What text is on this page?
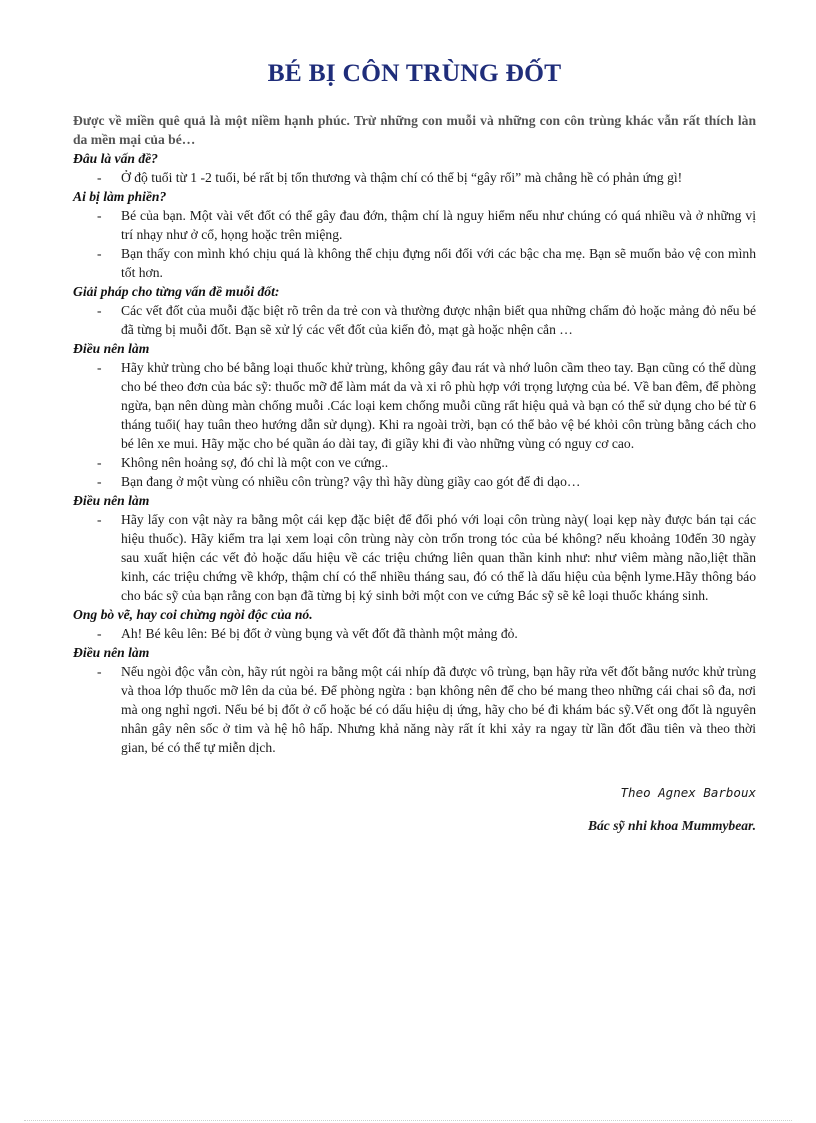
BÉ BỊ CÔN TRÙNG ĐỐT

Được về miền quê quả là một niềm hạnh phúc. Trừ những con muỗi và những con côn trùng khác vẫn rất thích làn da mền mại của bé…

Đâu là vấn đề?
- Ở độ tuổi từ 1 -2 tuổi, bé rất bị tổn thương và thậm chí có thể bị “gây rối” mà chẳng hề có phản ứng gì!
Ai bị làm phiền?
- Bé của bạn. Một vài vết đốt có thể gây đau đớn, thậm chí là nguy hiểm nếu như chúng có quá nhiều và ở những vị trí nhạy như ở cổ, họng hoặc trên miệng.
- Bạn thấy con mình khó chịu quá là không thể chịu đựng nổi đối với các bậc cha mẹ. Bạn sẽ muốn bảo vệ con mình tốt hơn.
Giải pháp cho từng vấn đề muỗi đốt:
- Các vết đốt của muỗi đặc biệt rõ trên da trẻ con và thường được nhận biết qua những chấm đỏ hoặc mảng đỏ nếu bé đã từng bị muỗi đốt. Bạn sẽ xử lý các vết đốt của kiến đỏ, mạt gà hoặc nhện cắn …
Điều nên làm
- Hãy khử trùng cho bé bằng loại thuốc khử trùng, không gây đau rát và nhớ luôn cầm theo tay. Bạn cũng có thể dùng cho bé theo đơn của bác sỹ: thuốc mỡ để làm mát da và xi rô phù hợp với trọng lượng của bé. Về ban đêm, để phòng ngừa, bạn nên dùng màn chống muỗi .Các loại kem chống muỗi cũng rất hiệu quả và bạn có thể sử dụng cho bé từ 6 tháng tuổi( hay tuân theo hướng dẫn sử dụng). Khi ra ngoài trời, bạn có thể bảo vệ bé khỏi côn trùng bằng cách cho bé lên xe mui. Hãy mặc cho bé quần áo dài tay, đi giầy khi đi vào những vùng có nguy cơ cao.
- Không nên hoảng sợ, đó chỉ là một con ve cứng..
- Bạn đang ở một vùng có nhiều côn trùng? vậy thì hãy dùng giầy cao gót để đi dạo…
Điều nên làm
- Hãy lấy con vật này ra bằng một cái kẹp đặc biệt để đối phó với loại côn trùng này( loại kẹp này được bán tại các hiệu thuốc). Hãy kiểm tra lại xem loại côn trùng này còn trốn trong tóc của bé không? nếu khoảng 10đến 30 ngày sau xuất hiện các vết đỏ hoặc dấu hiệu về các triệu chứng liên quan thần kinh như: như viêm màng não,liệt thần kinh, các triệu chứng về khớp, thậm chí có thể nhiều tháng sau, đó có thể là dấu hiệu của bệnh lyme.Hãy thông báo cho bác sỹ của bạn rằng con bạn đã từng bị ký sinh bởi một con ve cứng Bác sỹ sẽ kê loại thuốc kháng sinh.
Ong bò vẽ, hay coi chừng ngòi độc của nó.
- Ah! Bé kêu lên: Bé bị đốt ở vùng bụng và vết đốt đã thành một mảng đỏ.
Điều nên làm
- Nếu ngòi độc vẫn còn, hãy rút ngòi ra bằng một cái nhíp đã được vô trùng, bạn hãy rửa vết đốt bằng nước khử trùng và thoa lớp thuốc mỡ lên da của bé. Để phòng ngừa : bạn không nên để cho bé mang theo những cái chai sô đa, nơi mà ong nghỉ ngơi. Nếu bé bị đốt ở cổ hoặc bé có dấu hiệu dị ứng, hãy cho bé đi khám bác sỹ.Vết ong đốt là nguyên nhân gây nên sốc ở tim và hệ hô hấp. Nhưng khả năng này rất ít khi xảy ra ngay từ lần đốt đầu tiên và theo thời gian, bé có thể tự miễn dịch.
Theo Agnex Barboux
Bác sỹ nhi khoa Mummybear.
